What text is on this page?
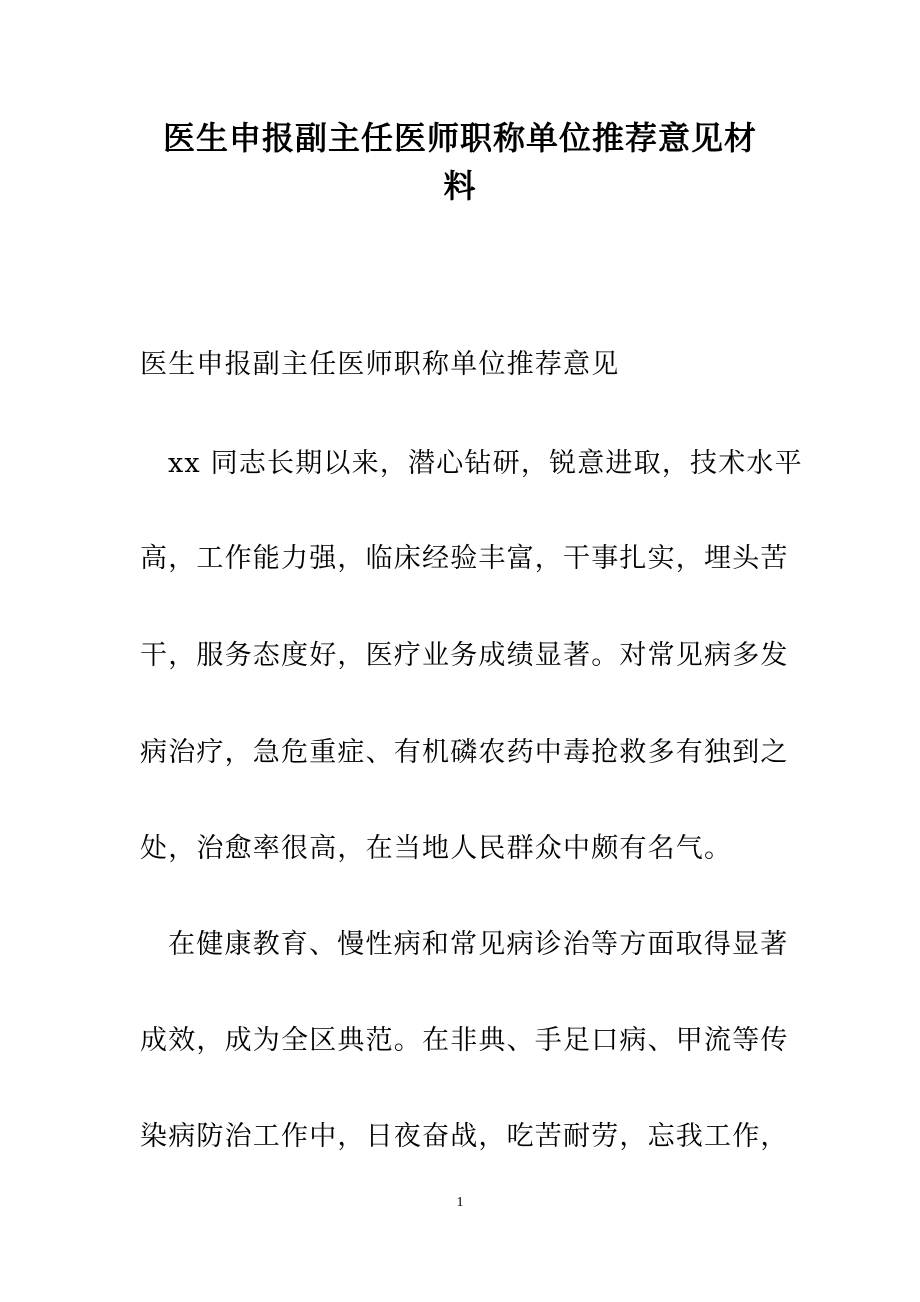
医生申报副主任医师职称单位推荐意见材
料
医生申报副主任医师职称单位推荐意见
xx 同志长期以来，潜心钻研，锐意进取，技术水平
高，工作能力强，临床经验丰富，干事扎实，埋头苦
干，服务态度好，医疗业务成绩显著。对常见病多发
病治疗，急危重症、有机磷农药中毒抢救多有独到之
处，治愈率很高，在当地人民群众中颇有名气。
在健康教育、慢性病和常见病诊治等方面取得显著
成效，成为全区典范。在非典、手足口病、甲流等传
染病防治工作中，日夜奋战，吃苦耐劳，忘我工作，
1
